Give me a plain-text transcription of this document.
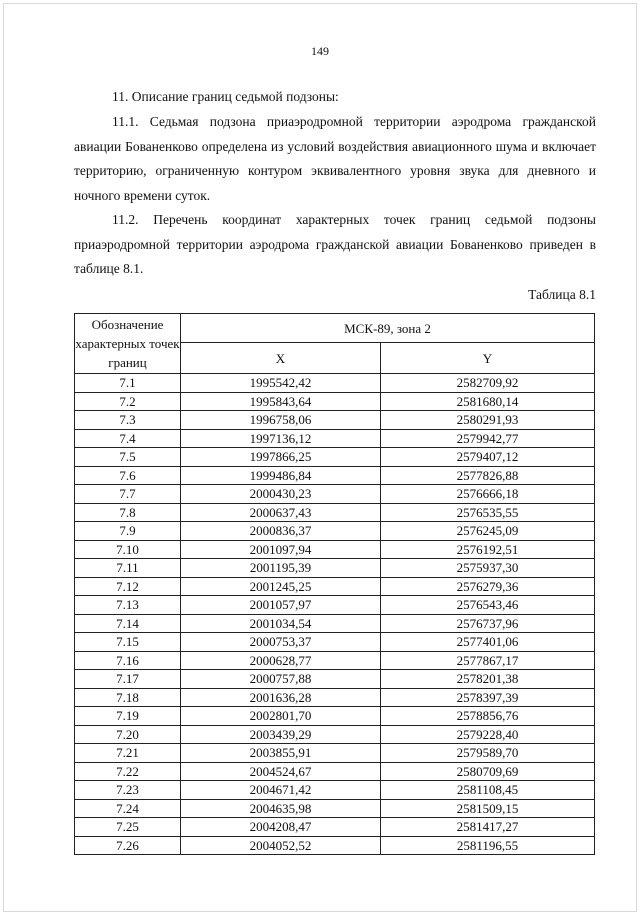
149

11. Описание границ седьмой подзоны:

11.1. Седьмая подзона приаэродромной территории аэродрома гражданской авиации Бованенково определена из условий воздействия авиационного шума и включает территорию, ограниченную контуром эквивалентного уровня звука для дневного и ночного времени суток.

11.2. Перечень координат характерных точек границ седьмой подзоны приаэродромной территории аэродрома гражданской авиации Бованенково приведен в таблице 8.1.

Таблица 8.1
Обозначение характерных точек границ	МСК-89, зона 2	
	X	Y
7.1	1995542,42	2582709,92
7.2	1995843,64	2581680,14
7.3	1996758,06	2580291,93
7.4	1997136,12	2579942,77
7.5	1997866,25	2579407,12
7.6	1999486,84	2577826,88
7.7	2000430,23	2576666,18
7.8	2000637,43	2576535,55
7.9	2000836,37	2576245,09
7.10	2001097,94	2576192,51
7.11	2001195,39	2575937,30
7.12	2001245,25	2576279,36
7.13	2001057,97	2576543,46
7.14	2001034,54	2576737,96
7.15	2000753,37	2577401,06
7.16	2000628,77	2577867,17
7.17	2000757,88	2578201,38
7.18	2001636,28	2578397,39
7.19	2002801,70	2578856,76
7.20	2003439,29	2579228,40
7.21	2003855,91	2579589,70
7.22	2004524,67	2580709,69
7.23	2004671,42	2581108,45
7.24	2004635,98	2581509,15
7.25	2004208,47	2581417,27
7.26	2004052,52	2581196,55
